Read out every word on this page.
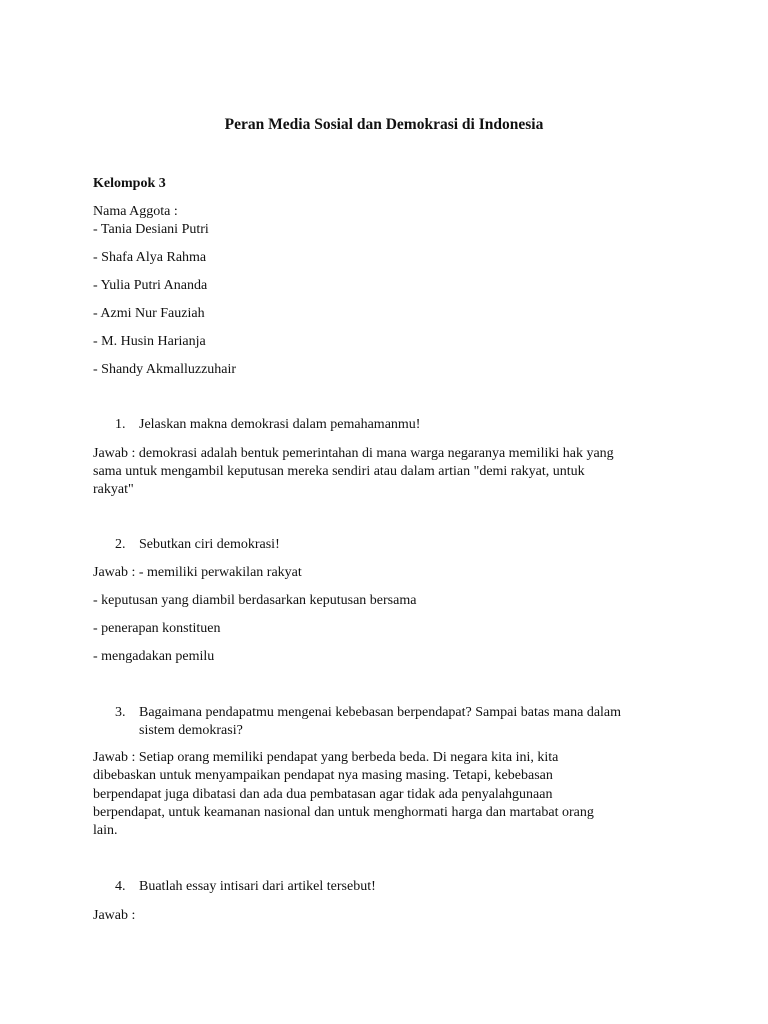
Peran Media Sosial dan Demokrasi di Indonesia
Kelompok 3
Nama Aggota :
- Tania Desiani Putri
- Shafa Alya Rahma
- Yulia Putri Ananda
- Azmi Nur Fauziah
- M. Husin Harianja
- Shandy Akmalluzzuhair
1. Jelaskan makna demokrasi dalam pemahamanmu!
Jawab : demokrasi adalah bentuk pemerintahan di mana warga negaranya memiliki hak yang
sama untuk mengambil keputusan mereka sendiri atau dalam artian "demi rakyat, untuk
rakyat"
2. Sebutkan ciri demokrasi!
Jawab : - memiliki perwakilan rakyat
- keputusan yang diambil berdasarkan keputusan bersama
- penerapan konstituen
- mengadakan pemilu
3. Bagaimana pendapatmu mengenai kebebasan berpendapat? Sampai batas mana dalam
sistem demokrasi?
Jawab : Setiap orang memiliki pendapat yang berbeda beda. Di negara kita ini, kita
dibebaskan untuk menyampaikan pendapat nya masing masing. Tetapi, kebebasan
berpendapat juga dibatasi dan ada dua pembatasan agar tidak ada penyalahgunaan
berpendapat, untuk keamanan nasional dan untuk menghormati harga dan martabat orang
lain.
4. Buatlah essay intisari dari artikel tersebut!
Jawab :
